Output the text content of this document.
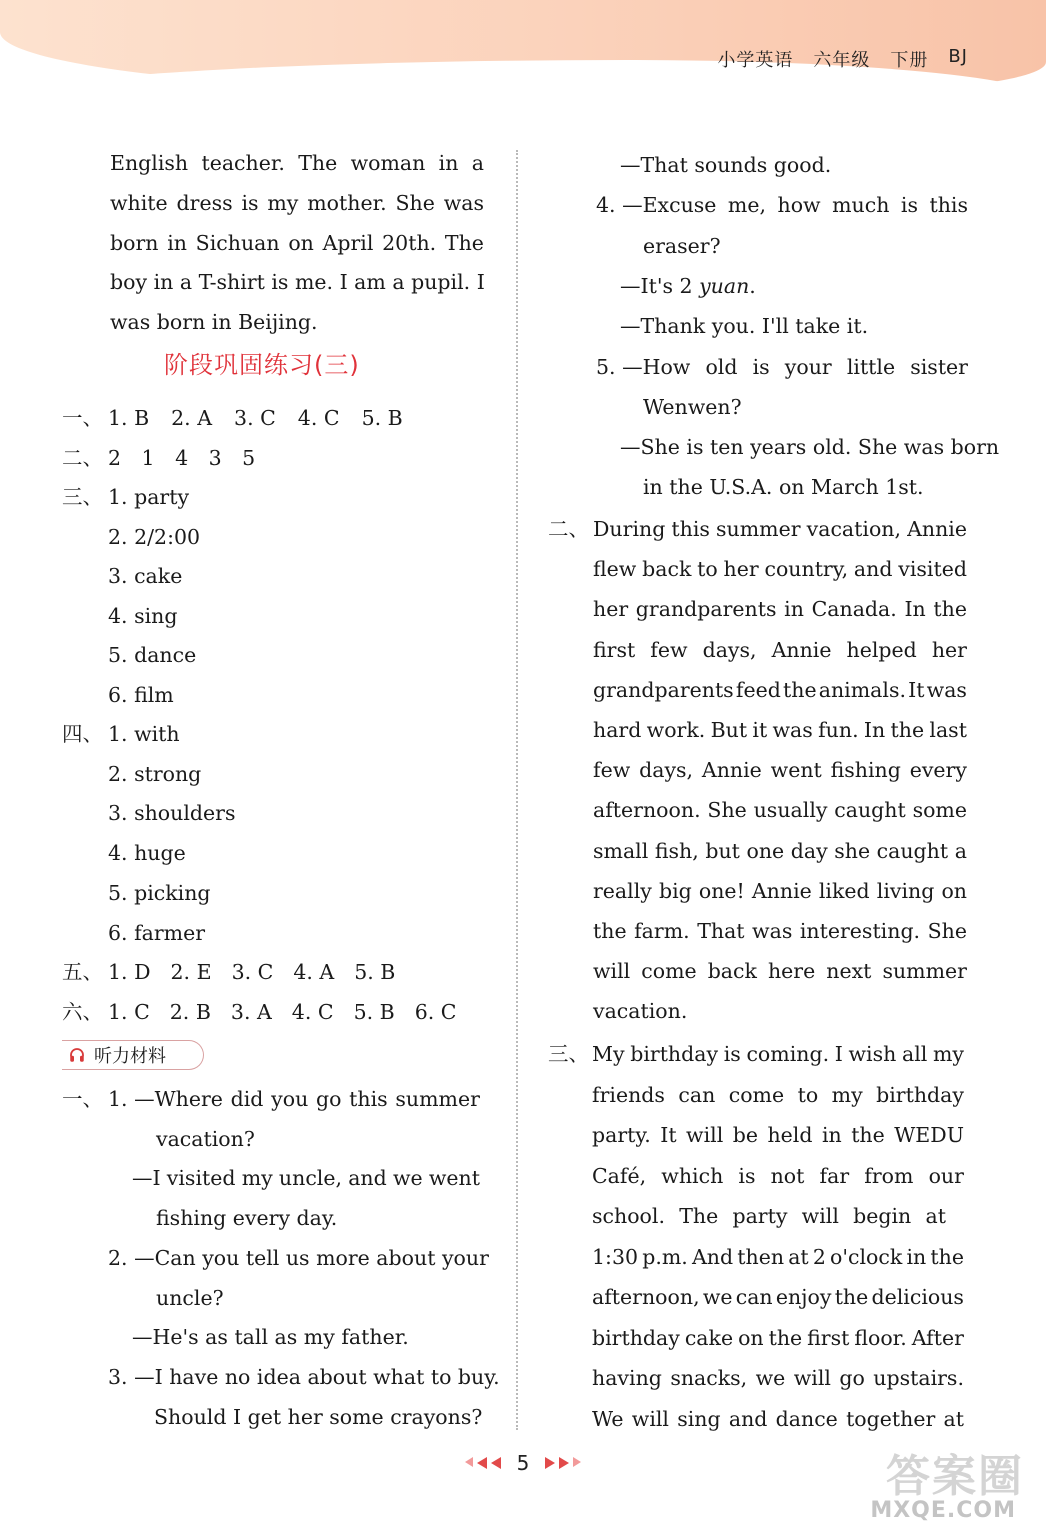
小学英语 六年级 下册 BJ
English teacher. The woman in a
white dress is my mother. She was
born in Sichuan on April 20th. The
boy in a T-shirt is me. I am a pupil. I
was born in Beijing.
阶段巩固练习(三)
一、 1. B 2. A 3. C 4. C 5. B
二、 2　1　4　3　5
三、 1. party
2. 2/2:00
3. cake
4. sing
5. dance
6. film
四、 1. with
2. strong
3. shoulders
4. huge
5. picking
6. farmer
五、 1. D 2. E 3. C 4. A 5. B
六、 1. C 2. B 3. A 4. C 5. B 6. C
听力材料
一、 1. —Where did you go this summer
vacation?
—I visited my uncle, and we went
fishing every day.
2. —Can you tell us more about your
uncle?
—He's as tall as my father.
3. —I have no idea about what to buy.
Should I get her some crayons?
—That sounds good.
4. —Excuse me, how much is this
eraser?
—It's 2 yuan.
—Thank you. I'll take it.
5. —How old is your little sister
Wenwen?
—She is ten years old. She was born
in the U.S.A. on March 1st.
二、 During this summer vacation, Annie
flew back to her country, and visited
her grandparents in Canada. In the
first few days, Annie helped her
grandparents feed the animals. It was
hard work. But it was fun. In the last
few days, Annie went fishing every
afternoon. She usually caught some
small fish, but one day she caught a
really big one! Annie liked living on
the farm. That was interesting. She
will come back here next summer
vacation.
三、 My birthday is coming. I wish all my
friends can come to my birthday
party. It will be held in the WEDU
Café, which is not far from our
school. The party will begin at
1:30 p.m. And then at 2 o'clock in the
afternoon, we can enjoy the delicious
birthday cake on the first floor. After
having snacks, we will go upstairs.
We will sing and dance together at
5	答案圈
MXQE.COM
